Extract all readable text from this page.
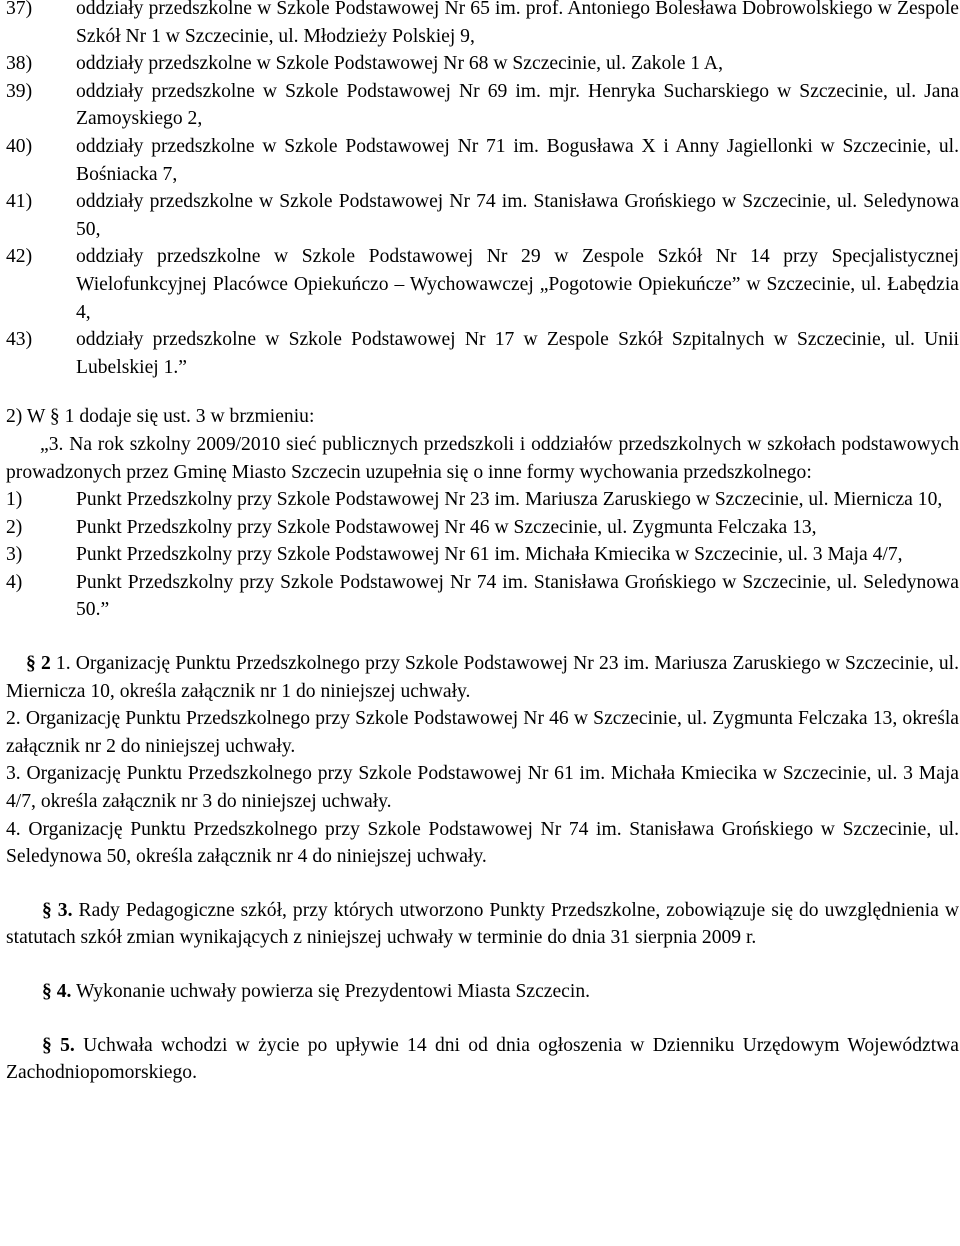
37)	oddziały przedszkolne w Szkole Podstawowej Nr 65 im. prof. Antoniego Bolesława Dobrowolskiego w Zespole Szkół Nr 1 w Szczecinie, ul. Młodzieży Polskiej 9,
38)	oddziały przedszkolne w Szkole Podstawowej Nr 68 w Szczecinie, ul. Zakole 1 A,
39)	oddziały przedszkolne w Szkole Podstawowej Nr 69 im. mjr. Henryka Sucharskiego w Szczecinie, ul. Jana Zamoyskiego 2,
40)	oddziały przedszkolne w Szkole Podstawowej Nr 71 im. Bogusława X i Anny Jagiellonki w Szczecinie, ul. Bośniacka 7,
41)	oddziały przedszkolne w Szkole Podstawowej Nr 74 im. Stanisława Grońskiego w Szczecinie, ul. Seledynowa 50,
42)	oddziały przedszkolne w Szkole Podstawowej Nr 29 w Zespole Szkół Nr 14 przy Specjalistycznej Wielofunkcyjnej Placówce Opiekuńczo – Wychowawczej „Pogotowie Opiekuńcze” w Szczecinie, ul. Łabędzia 4,
43)	oddziały przedszkolne w Szkole Podstawowej Nr 17 w Zespole Szkół Szpitalnych w Szczecinie, ul. Unii Lubelskiej 1.”
2) W § 1 dodaje się ust. 3 w brzmieniu:
„3. Na rok szkolny 2009/2010 sieć publicznych przedszkoli i oddziałów przedszkolnych w szkołach podstawowych prowadzonych przez Gminę Miasto Szczecin uzupełnia się o inne formy wychowania przedszkolnego:
1)	Punkt Przedszkolny przy Szkole Podstawowej Nr 23 im. Mariusza Zaruskiego w Szczecinie, ul. Miernicza 10,
2)	Punkt Przedszkolny przy Szkole Podstawowej Nr 46 w Szczecinie, ul. Zygmunta Felczaka 13,
3)	Punkt Przedszkolny przy Szkole Podstawowej Nr 61 im. Michała Kmiecika w Szczecinie, ul. 3 Maja 4/7,
4)	Punkt Przedszkolny przy Szkole Podstawowej Nr 74 im. Stanisława Grońskiego w Szczecinie, ul. Seledynowa 50.”
§ 2 1. Organizację Punktu Przedszkolnego przy Szkole Podstawowej Nr 23 im. Mariusza Zaruskiego w Szczecinie, ul. Miernicza 10, określa załącznik nr 1 do niniejszej uchwały.
2. Organizację Punktu Przedszkolnego przy Szkole Podstawowej Nr 46 w Szczecinie, ul. Zygmunta Felczaka 13, określa załącznik nr 2 do niniejszej uchwały.
3. Organizację Punktu Przedszkolnego przy Szkole Podstawowej Nr 61 im. Michała Kmiecika w Szczecinie, ul. 3 Maja 4/7, określa załącznik nr 3 do niniejszej uchwały.
4. Organizację Punktu Przedszkolnego przy Szkole Podstawowej Nr 74 im. Stanisława Grońskiego w Szczecinie, ul. Seledynowa 50, określa załącznik nr 4 do niniejszej uchwały.
§ 3. Rady Pedagogiczne szkół, przy których utworzono Punkty Przedszkolne, zobowiązuje się do uwzględnienia w statutach szkół zmian wynikających z niniejszej uchwały w terminie do dnia 31 sierpnia 2009 r.
§ 4. Wykonanie uchwały powierza się Prezydentowi Miasta Szczecin.
§ 5. Uchwała wchodzi w życie po upływie 14 dni od dnia ogłoszenia w Dzienniku Urzędowym Województwa Zachodniopomorskiego.
